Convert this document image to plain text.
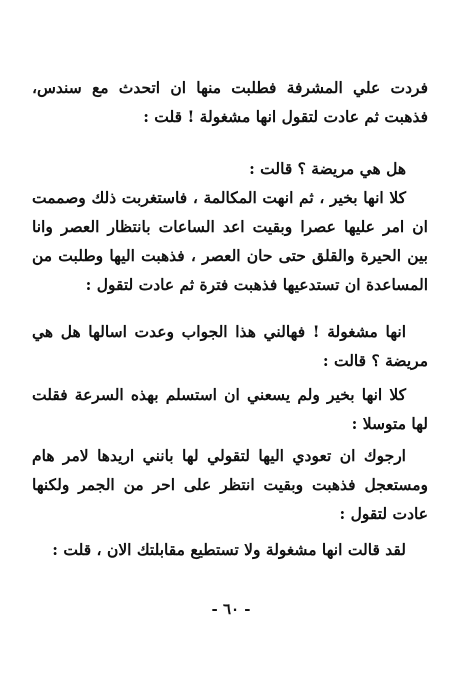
فردت علي المشرفة فطلبت منها ان اتحدث مع سندس، فذهبت ثم عادت لتقول انها مشغولة ! قلت :

هل هي مريضة ؟ قالت :

كلا انها بخير ، ثم انهت المكالمة ، فاستغربت ذلك وصممت ان امر عليها عصرا وبقيت اعد الساعات بانتظار العصر وانا بين الحيرة والقلق حتى حان العصر ، فذهبت اليها وطلبت من المساعدة ان تستدعيها فذهبت فترة ثم عادت لتقول :

انها مشغولة ! فهالني هذا الجواب وعدت اسالها هل هي مريضة ؟ قالت :

كلا انها بخير ولم يسعني ان استسلم بهذه السرعة فقلت لها متوسلا :

ارجوك ان تعودي اليها لتقولي لها بانني اريدها لامر هام ومستعجل فذهبت وبقيت انتظر على احر من الجمر ولكنها عادت لتقول :

لقد قالت انها مشغولة ولا تستطيع مقابلتك الان ، قلت :

- ٦٠ -
